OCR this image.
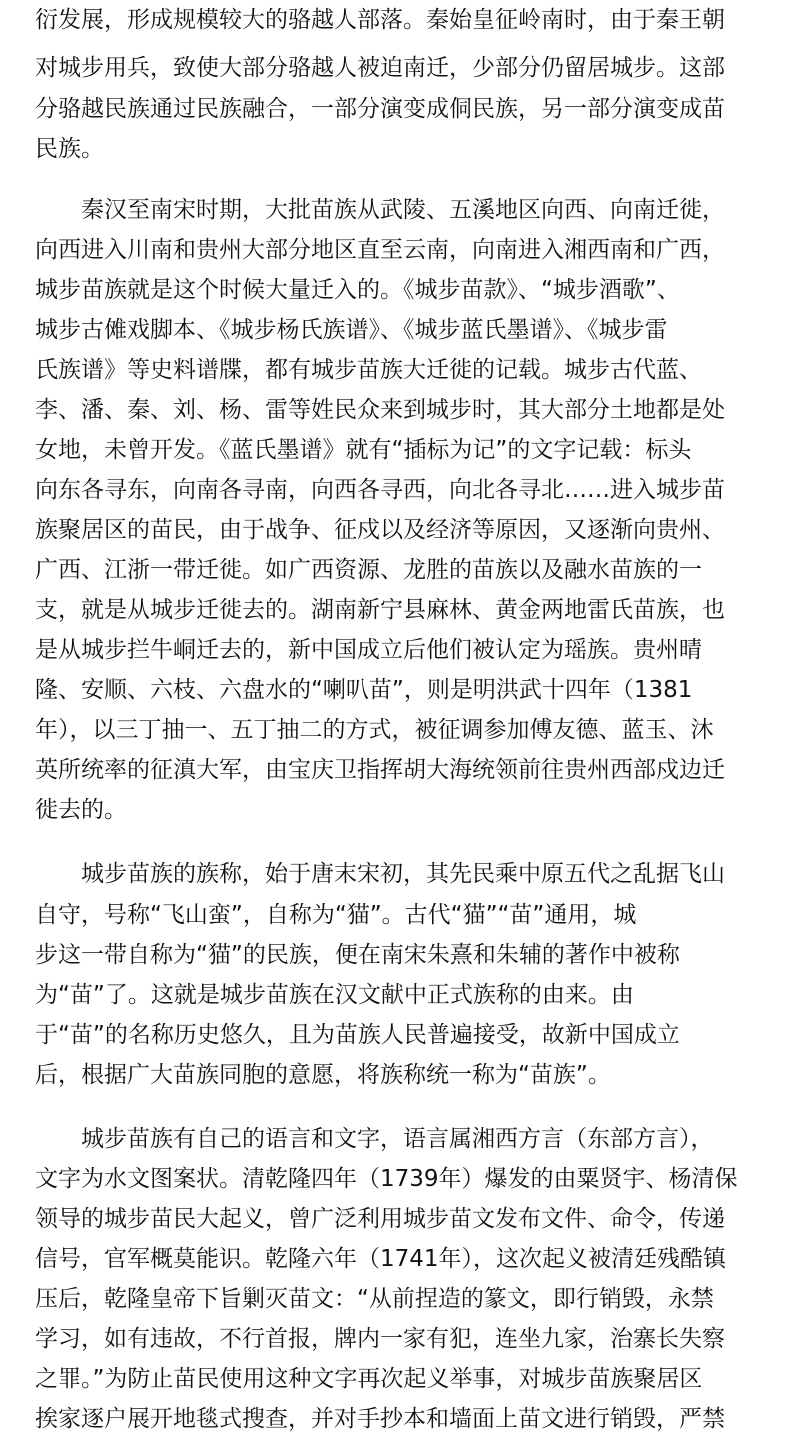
衍发展，形成规模较大的骆越人部落。秦始皇征岭南时，由于秦王朝

对城步用兵，致使大部分骆越人被迫南迁，少部分仍留居城步。这部

分骆越民族通过民族融合，一部分演变成侗民族，另一部分演变成苗

民族。

秦汉至南宋时期，大批苗族从武陵、五溪地区向西、向南迁徙，

向西进入川南和贵州大部分地区直至云南，向南进入湘西南和广西，

城步苗族就是这个时候大量迁入的。《城步苗款》、“城步酒歌”、

城步古傩戏脚本、《城步杨氏族谱》、《城步蓝氏墨谱》、《城步雷

氏族谱》等史料谱牒，都有城步苗族大迁徙的记载。城步古代蓝、

李、潘、秦、刘、杨、雷等姓民众来到城步时，其大部分土地都是处

女地，未曾开发。《蓝氏墨谱》就有“插标为记”的文字记载：标头

向东各寻东，向南各寻南，向西各寻西，向北各寻北……进入城步苗

族聚居区的苗民，由于战争、征戍以及经济等原因，又逐渐向贵州、

广西、江浙一带迁徙。如广西资源、龙胜的苗族以及融水苗族的一

支，就是从城步迁徙去的。湖南新宁县麻林、黄金两地雷氏苗族，也

是从城步拦牛峒迁去的，新中国成立后他们被认定为瑶族。贵州晴

隆、安顺、六枝、六盘水的“喇叭苗”，则是明洪武十四年（1381

年），以三丁抽一、五丁抽二的方式，被征调参加傅友德、蓝玉、沐

英所统率的征滇大军，由宝庆卫指挥胡大海统领前往贵州西部戍边迁

徙去的。

城步苗族的族称，始于唐末宋初，其先民乘中原五代之乱据飞山

自守，号称“飞山蛮”，自称为“猫”。古代“猫”“苗”通用，城

步这一带自称为“猫”的民族，便在南宋朱熹和朱辅的著作中被称

为“苗”了。这就是城步苗族在汉文献中正式族称的由来。由

于“苗”的名称历史悠久，且为苗族人民普遍接受，故新中国成立

后，根据广大苗族同胞的意愿，将族称统一称为“苗族”。

城步苗族有自己的语言和文字，语言属湘西方言（东部方言），

文字为水文图案状。清乾隆四年（1739年）爆发的由粟贤宇、杨清保

领导的城步苗民大起义，曾广泛利用城步苗文发布文件、命令，传递

信号，官军概莫能识。乾隆六年（1741年），这次起义被清廷残酷镇

压后，乾隆皇帝下旨剿灭苗文：“从前捏造的篆文，即行销毁，永禁

学习，如有违故，不行首报，牌内一家有犯，连坐九家，治寨长失察

之罪。”为防止苗民使用这种文字再次起义举事，对城步苗族聚居区

挨家逐户展开地毯式搜查，并对手抄本和墙面上苗文进行销毁，严禁
